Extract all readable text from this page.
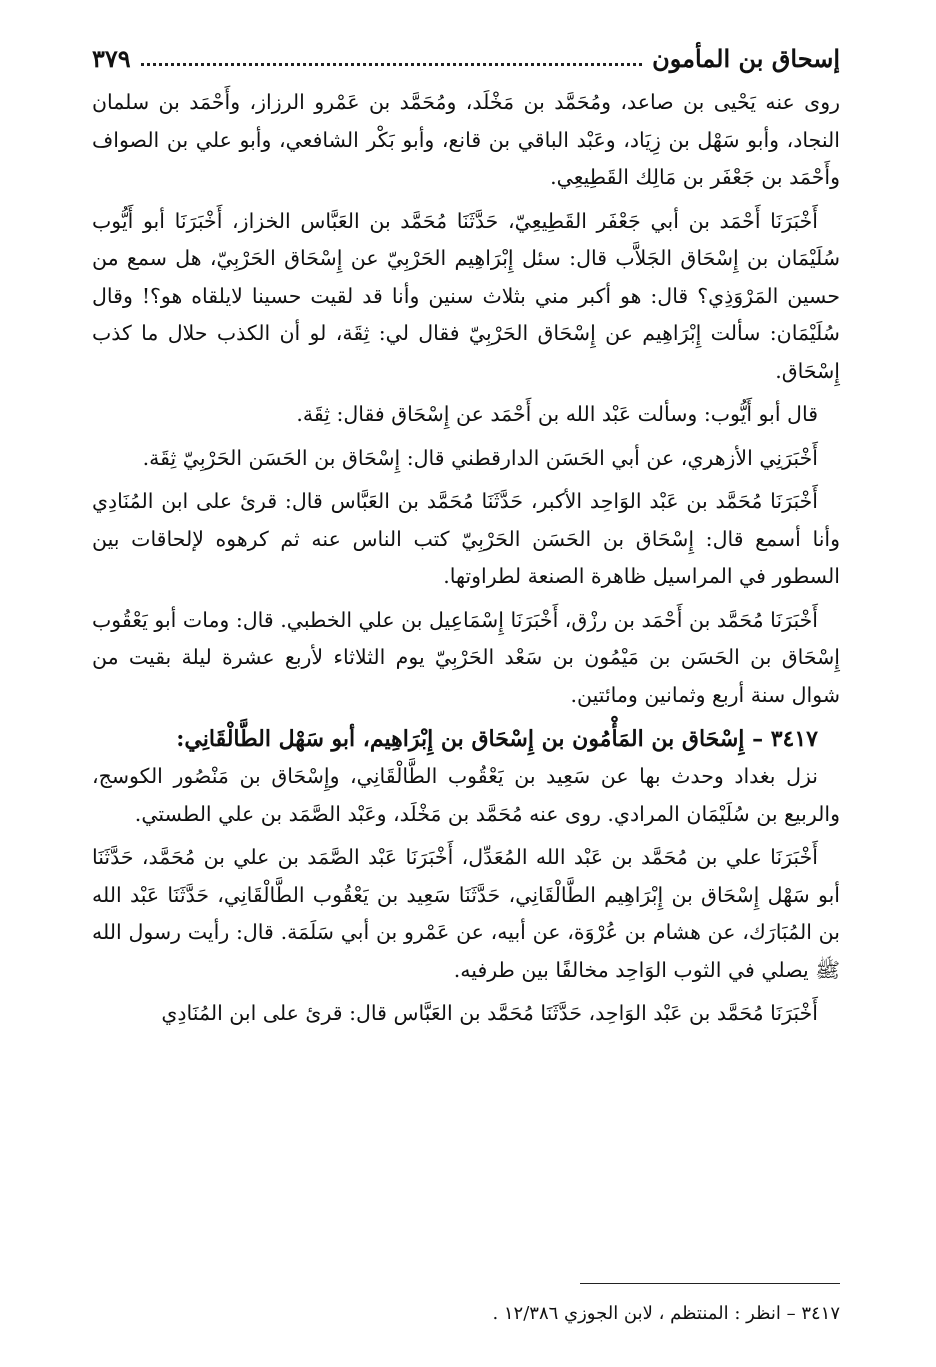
إسحاق بن المأمون
٣٧٩

روى عنه يَحْيى بن صاعد، ومُحَمَّد بن مَخْلَد، ومُحَمَّد بن عَمْرو الرزاز، وأَحْمَد بن سلمان النجاد، وأبو سَهْل بن زِيَاد، وعَبْد الباقي بن قانع، وأبو بَكْر الشافعي، وأبو علي بن الصواف وأَحْمَد بن جَعْفَر بن مَالِك القَطِيعِي.

أَخْبَرَنَا أَحْمَد بن أبي جَعْفَر القَطِيعِيّ، حَدَّثَنَا مُحَمَّد بن العَبَّاس الخزاز، أَخْبَرَنَا أبو أَيُّوب سُلَيْمَان بن إِسْحَاق الجَلاَّب قال: سئل إِبْرَاهِيم الحَرْبِيّ عن إِسْحَاق الحَرْبِيّ، هل سمع من حسين المَرْوَذِي؟ قال: هو أكبر مني بثلاث سنين وأنا قد لقيت حسينا لايلقاه هو؟! وقال سُلَيْمَان: سألت إِبْرَاهِيم عن إِسْحَاق الحَرْبِيّ فقال لي: ثِقَة، لو أن الكذب حلال ما كذب إِسْحَاق.

قال أبو أَيُّوب: وسألت عَبْد الله بن أَحْمَد عن إِسْحَاق فقال: ثِقَة.

أَخْبَرَنِي الأزهري، عن أبي الحَسَن الدارقطني قال: إِسْحَاق بن الحَسَن الحَرْبِيّ ثِقَة.

أَخْبَرَنَا مُحَمَّد بن عَبْد الوَاحِد الأكبر، حَدَّثَنَا مُحَمَّد بن العَبَّاس قال: قرئ على ابن المُنَادِي وأنا أسمع قال: إِسْحَاق بن الحَسَن الحَرْبِيّ كتب الناس عنه ثم كرهوه لإلحاقات بين السطور في المراسيل ظاهرة الصنعة لطراوتها.

أَخْبَرَنَا مُحَمَّد بن أَحْمَد بن رزْق، أَخْبَرَنَا إِسْمَاعِيل بن علي الخطبي. قال: ومات أبو يَعْقُوب إِسْحَاق بن الحَسَن بن مَيْمُون بن سَعْد الحَرْبِيّ يوم الثلاثاء لأربع عشرة ليلة بقيت من شوال سنة أربع وثمانين ومائتين.

٣٤١٧ – إِسْحَاق بن المَأْمُون بن إِسْحَاق بن إِبْرَاهِيم، أبو سَهْل الطَّالْقَانِي:

نزل بغداد وحدث بها عن سَعِيد بن يَعْقُوب الطَّالْقَانِي، وإِسْحَاق بن مَنْصُور الكوسج، والربيع بن سُلَيْمَان المرادي. روى عنه مُحَمَّد بن مَخْلَد، وعَبْد الصَّمَد بن علي الطستي.

أَخْبَرَنَا علي بن مُحَمَّد بن عَبْد الله المُعَدِّل، أَخْبَرَنَا عَبْد الصَّمَد بن علي بن مُحَمَّد، حَدَّثَنَا أبو سَهْل إِسْحَاق بن إِبْرَاهِيم الطَّالْقَانِي، حَدَّثَنَا سَعِيد بن يَعْقُوب الطَّالْقَانِي، حَدَّثَنَا عَبْد الله بن المُبَارَك، عن هشام بن عُرْوَة، عن أبيه، عن عَمْرو بن أبي سَلَمَة. قال: رأيت رسول الله ﷺ يصلي في الثوب الوَاحِد مخالفًا بين طرفيه.

أَخْبَرَنَا مُحَمَّد بن عَبْد الوَاحِد، حَدَّثَنَا مُحَمَّد بن العَبَّاس قال: قرئ على ابن المُنَادِي

٣٤١٧ – انظر : المنتظم ، لابن الجوزي ١٢/٣٨٦ .
